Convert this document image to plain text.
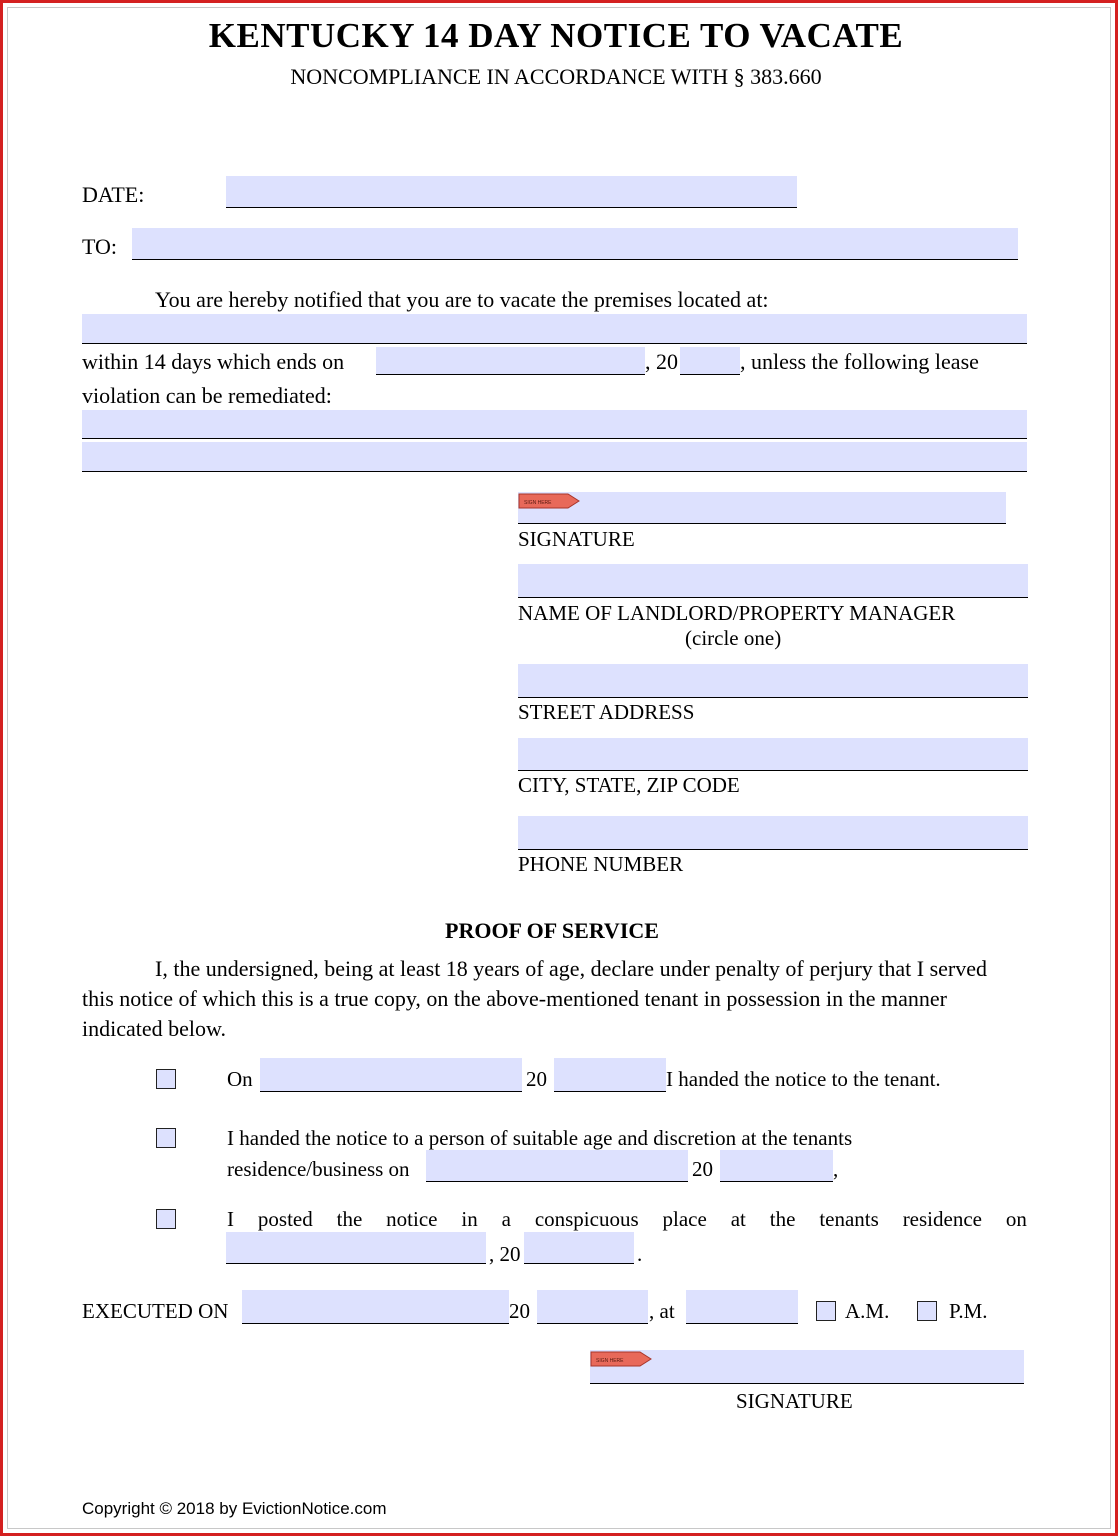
KENTUCKY 14 DAY NOTICE TO VACATE
NONCOMPLIANCE IN ACCORDANCE WITH § 383.660
DATE:
TO:
You are hereby notified that you are to vacate the premises located at:
within 14 days which ends on	, 20	, unless the following lease
violation can be remediated:
SIGN HERE
SIGNATURE
NAME OF LANDLORD/PROPERTY MANAGER
(circle one)
STREET ADDRESS
CITY, STATE, ZIP CODE
PHONE NUMBER
PROOF OF SERVICE
I, the undersigned, being at least 18 years of age, declare under penalty of perjury that I served
this notice of which this is a true copy, on the above-mentioned tenant in possession in the manner
indicated below.
On	20	I handed the notice to the tenant.
I handed the notice to a person of suitable age and discretion at the tenants
residence/business on	20	,
I posted the notice in a conspicuous place at the tenants residence on
, 20	.
EXECUTED ON	20	, at	A.M.	P.M.
SIGN HERE
SIGNATURE
Copyright © 2018 by EvictionNotice.com
